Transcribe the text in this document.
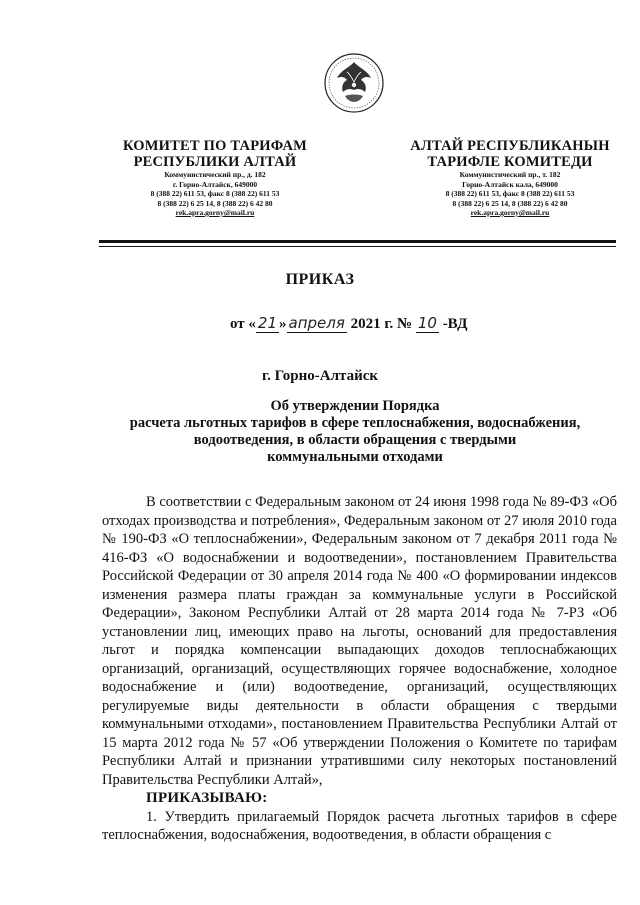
КОМИТЕТ ПО ТАРИФАМ
РЕСПУБЛИКИ АЛТАЙ
Коммунистический пр., д. 182
г. Горно-Алтайск, 649000
8 (388 22) 611 53, факс 8 (388 22) 611 53
8 (388 22) 6 25 14, 8 (388 22) 6 42 80
rek.apra.gorny@mail.ru
АЛТАЙ РЕСПУБЛИКАНЫН
ТАРИФЛЕ КОМИТЕДИ
Коммунистический пр., т. 182
Горно-Алтайск калa, 649000
8 (388 22) 611 53, факс 8 (388 22) 611 53
8 (388 22) 6 25 14, 8 (388 22) 6 42 80
rek.apra.gorny@mail.ru
ПРИКАЗ
от « 21 » апреля 2021 г. № 10 -ВД
г. Горно-Алтайск
Об утверждении Порядка
расчета льготных тарифов в сфере теплоснабжения, водоснабжения,
водоотведения, в области обращения с твердыми
коммунальными отходами

В соответствии с Федеральным законом от 24 июня 1998 года № 89-ФЗ «Об отходах производства и потребления», Федеральным законом от 27 июля 2010 года № 190-ФЗ «О теплоснабжении», Федеральным законом от 7 декабря 2011 года № 416-ФЗ «О водоснабжении и водоотведении», постановлением Правительства Российской Федерации от 30 апреля 2014 года № 400 «О формировании индексов изменения размера платы граждан за коммунальные услуги в Российской Федерации», Законом Республики Алтай от 28 марта 2014 года № 7-РЗ «Об установлении лиц, имеющих право на льготы, оснований для предоставления льгот и порядка компенсации выпадающих доходов теплоснабжающих организаций, организаций, осуществляющих горячее водоснабжение, холодное водоснабжение и (или) водоотведение, организаций, осуществляющих регулируемые виды деятельности в области обращения с твердыми коммунальными отходами», постановлением Правительства Республики Алтай от 15 марта 2012 года № 57 «Об утверждении Положения о Комитете по тарифам Республики Алтай и признании утратившими силу некоторых постановлений Правительства Республики Алтай»,

ПРИКАЗЫВАЮ:

1. Утвердить прилагаемый Порядок расчета льготных тарифов в сфере теплоснабжения, водоснабжения, водоотведения, в области обращения с
